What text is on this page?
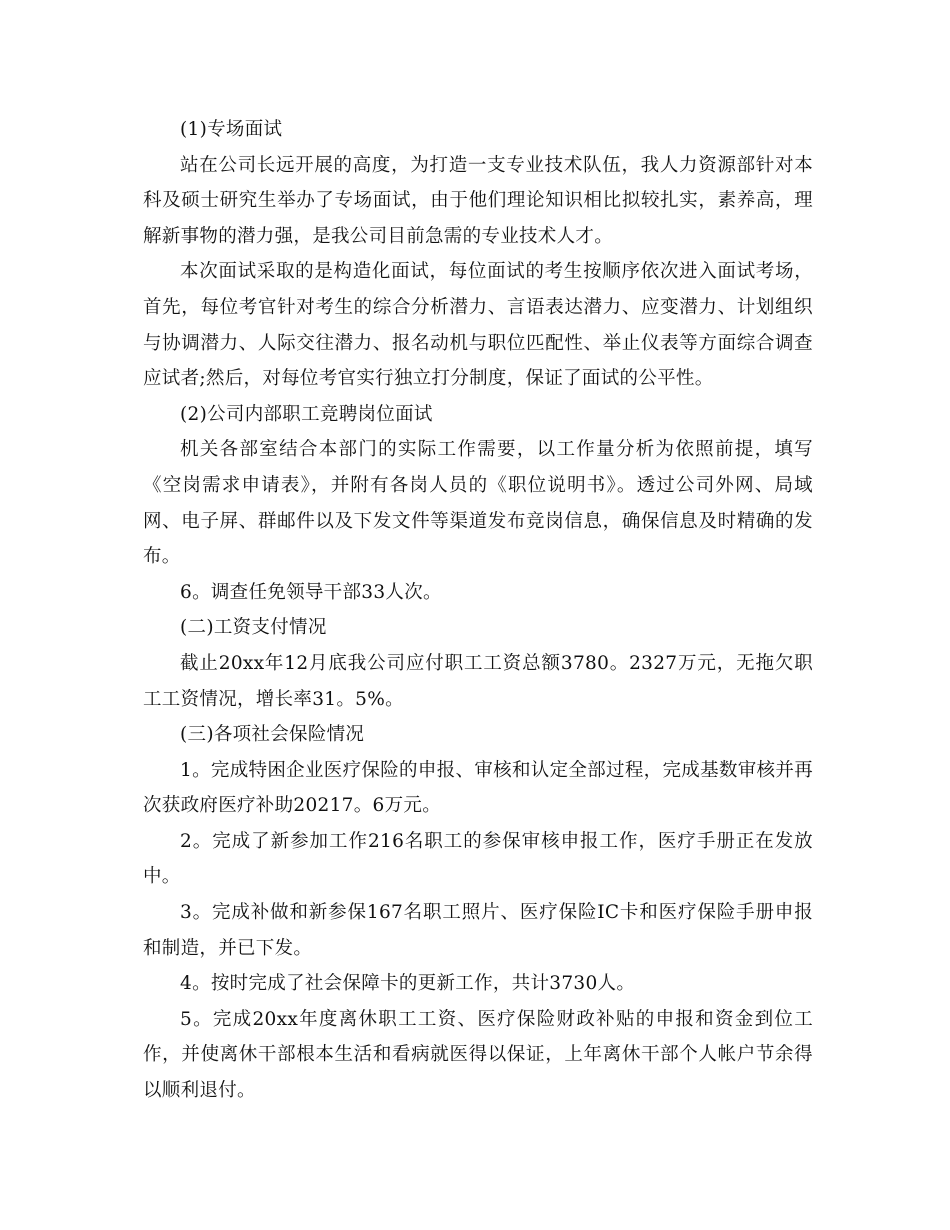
(1)专场面试

站在公司长远开展的高度，为打造一支专业技术队伍，我人力资源部针对本科及硕士研究生举办了专场面试，由于他们理论知识相比拟较扎实，素养高，理解新事物的潜力强，是我公司目前急需的专业技术人才。

本次面试采取的是构造化面试，每位面试的考生按顺序依次进入面试考场，首先，每位考官针对考生的综合分析潜力、言语表达潜力、应变潜力、计划组织与协调潜力、人际交往潜力、报名动机与职位匹配性、举止仪表等方面综合调查应试者;然后，对每位考官实行独立打分制度，保证了面试的公平性。

(2)公司内部职工竞聘岗位面试

机关各部室结合本部门的实际工作需要，以工作量分析为依照前提，填写《空岗需求申请表》，并附有各岗人员的《职位说明书》。透过公司外网、局域网、电子屏、群邮件以及下发文件等渠道发布竞岗信息，确保信息及时精确的发布。

6。调查任免领导干部33人次。

(二)工资支付情况

截止20xx年12月底我公司应付职工工资总额3780。2327万元，无拖欠职工工资情况，增长率31。5%。

(三)各项社会保险情况

1。完成特困企业医疗保险的申报、审核和认定全部过程，完成基数审核并再次获政府医疗补助20217。6万元。

2。完成了新参加工作216名职工的参保审核申报工作，医疗手册正在发放中。

3。完成补做和新参保167名职工照片、医疗保险IC卡和医疗保险手册申报和制造，并已下发。

4。按时完成了社会保障卡的更新工作，共计3730人。

5。完成20xx年度离休职工工资、医疗保险财政补贴的申报和资金到位工作，并使离休干部根本生活和看病就医得以保证，上年离休干部个人帐户节余得以顺利退付。
